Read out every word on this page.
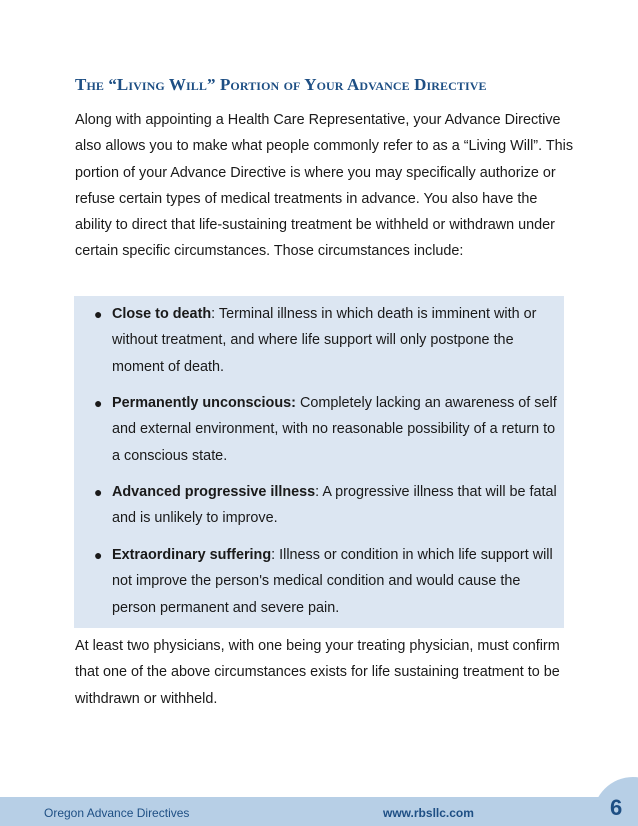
The “Living Will” Portion of Your Advance Directive

Along with appointing a Health Care Representative, your Advance Directive also allows you to make what people commonly refer to as a “Living Will”. This portion of your Advance Directive is where you may specifically authorize or refuse certain types of medical treatments in advance. You also have the ability to direct that life-sustaining treatment be withheld or withdrawn under certain specific circumstances. Those circumstances include:

● Close to death: Terminal illness in which death is imminent with or without treatment, and where life support will only postpone the moment of death.
● Permanently unconscious: Completely lacking an awareness of self and external environment, with no reasonable possibility of a return to a conscious state.
● Advanced progressive illness: A progressive illness that will be fatal and is unlikely to improve.
● Extraordinary suffering: Illness or condition in which life support will not improve the person's medical condition and would cause the person permanent and severe pain.

At least two physicians, with one being your treating physician, must confirm that one of the above circumstances exists for life sustaining treatment to be withdrawn or withheld.

Oregon Advance Directives	www.rbsllc.com	6
